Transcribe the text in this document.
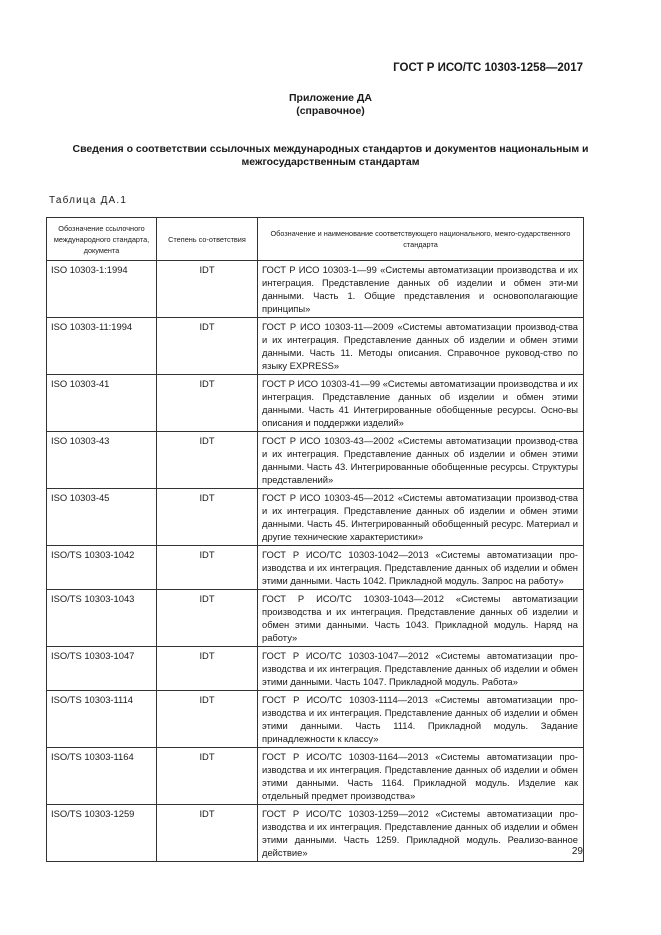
ГОСТ Р ИСО/ТС 10303-1258—2017
Приложение ДА
(справочное)
Сведения о соответствии ссылочных международных стандартов и документов национальным и межгосударственным стандартам
Таблица ДА.1
Обозначение ссылочного международного стандарта, документа	Степень со-ответствия	Обозначение и наименование соответствующего национального, межго-сударственного стандарта
ISO 10303-1:1994	IDT	ГОСТ Р ИСО 10303-1—99 «Системы автоматизации производства и их интеграция. Представление данных об изделии и обмен эти-ми данными. Часть 1. Общие представления и основополагающие принципы»
ISO 10303-11:1994	IDT	ГОСТ Р ИСО 10303-11—2009 «Системы автоматизации производ-ства и их интеграция. Представление данных об изделии и обмен этими данными. Часть 11. Методы описания. Справочное руковод-ство по языку EXPRESS»
ISO 10303-41	IDT	ГОСТ Р ИСО 10303-41—99 «Системы автоматизации производства и их интеграция. Представление данных об изделии и обмен этими данными. Часть 41 Интегрированные обобщенные ресурсы. Осно-вы описания и поддержки изделий»
ISO 10303-43	IDT	ГОСТ Р ИСО 10303-43—2002 «Системы автоматизации производ-ства и их интеграция. Представление данных об изделии и обмен этими данными. Часть 43. Интегрированные обобщенные ресурсы. Структуры представлений»
ISO 10303-45	IDT	ГОСТ Р ИСО 10303-45—2012 «Системы автоматизации производ-ства и их интеграция. Представление данных об изделии и обмен этими данными. Часть 45. Интегрированный обобщенный ресурс. Материал и другие технические характеристики»
ISO/TS 10303-1042	IDT	ГОСТ Р ИСО/ТС 10303-1042—2013 «Системы автоматизации про-изводства и их интеграция. Представление данных об изделии и обмен этими данными. Часть 1042. Прикладной модуль. Запрос на работу»
ISO/TS 10303-1043	IDT	ГОСТ Р ИСО/ТС 10303-1043—2012 «Системы автоматизации производства и их интеграция. Представление данных об изделии и обмен этими данными. Часть 1043. Прикладной модуль. Наряд на работу»
ISO/TS 10303-1047	IDT	ГОСТ Р ИСО/ТС 10303-1047—2012 «Системы автоматизации про-изводства и их интеграция. Представление данных об изделии и обмен этими данными. Часть 1047. Прикладной модуль. Работа»
ISO/TS 10303-1114	IDT	ГОСТ Р ИСО/ТС 10303-1114—2013 «Системы автоматизации про-изводства и их интеграция. Представление данных об изделии и обмен этими данными. Часть 1114. Прикладной модуль. Задание принадлежности к классу»
ISO/TS 10303-1164	IDT	ГОСТ Р ИСО/ТС 10303-1164—2013 «Системы автоматизации про-изводства и их интеграция. Представление данных об изделии и обмен этими данными. Часть 1164. Прикладной модуль. Изделие как отдельный предмет производства»
ISO/TS 10303-1259	IDT	ГОСТ Р ИСО/ТС 10303-1259—2012 «Системы автоматизации про-изводства и их интеграция. Представление данных об изделии и обмен этими данными. Часть 1259. Прикладной модуль. Реализо-ванное действие»	29
